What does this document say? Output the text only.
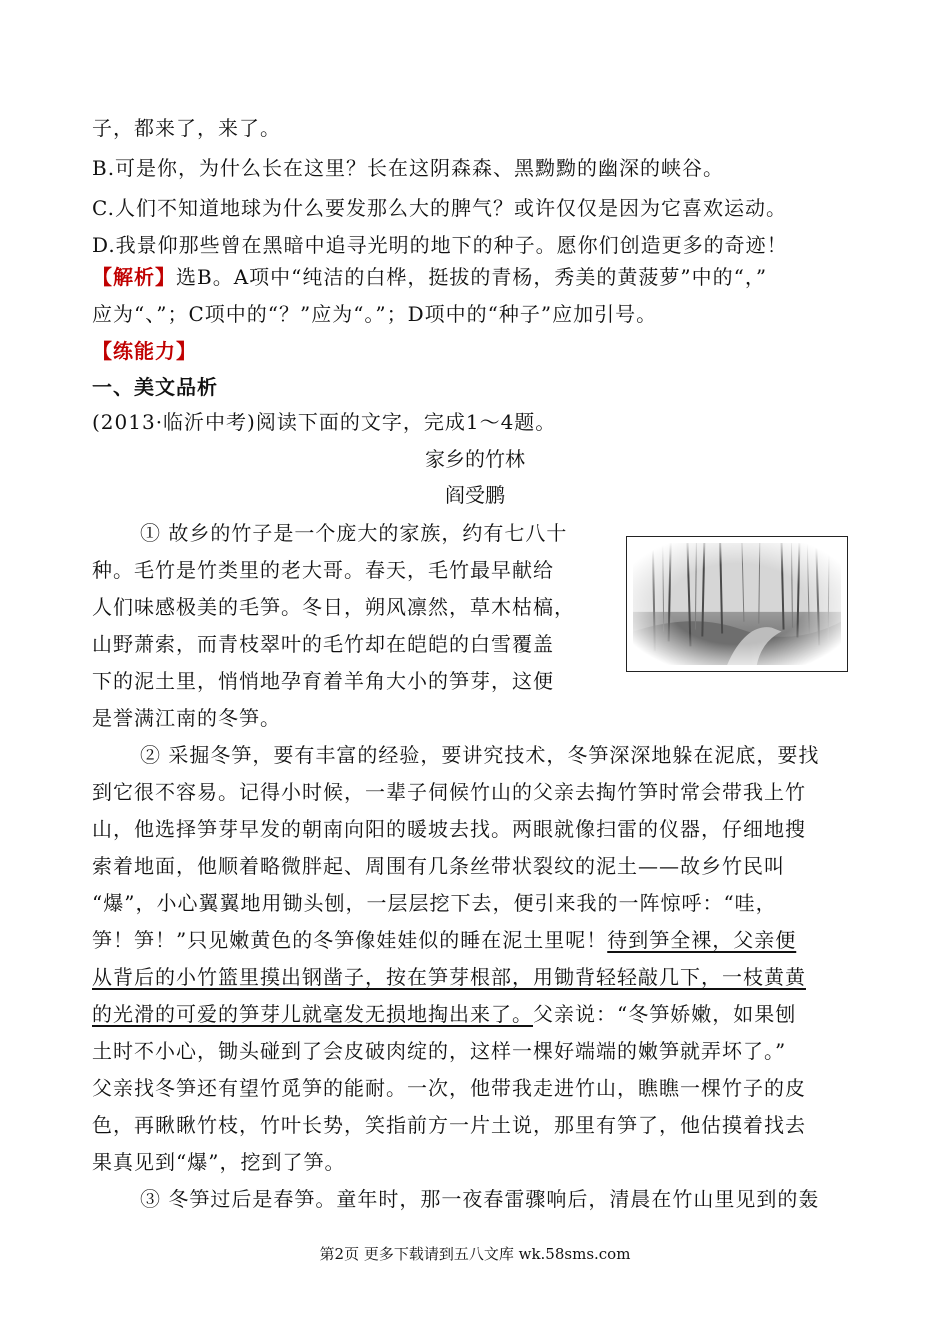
子，都来了，来了。
B.可是你，为什么长在这里？长在这阴森森、黑黝黝的幽深的峡谷。
C.人们不知道地球为什么要发那么大的脾气？或许仅仅是因为它喜欢运动。
D.我景仰那些曾在黑暗中追寻光明的地下的种子。愿你们创造更多的奇迹！
【解析】选B。A项中“纯洁的白桦，挺拔的青杨，秀美的黄菠萝”中的“，”
应为“、”；C项中的“？”应为“。”；D项中的“种子”应加引号。
【练能力】
一、美文品析
(2013·临沂中考)阅读下面的文字，完成1～4题。
家乡的竹林
阎受鹏
① 故乡的竹子是一个庞大的家族，约有七八十
种。毛竹是竹类里的老大哥。春天，毛竹最早献给
人们味感极美的毛笋。冬日，朔风凛然，草木枯槁，
山野萧索，而青枝翠叶的毛竹却在皑皑的白雪覆盖
下的泥土里，悄悄地孕育着羊角大小的笋芽，这便
是誉满江南的冬笋。
② 采掘冬笋，要有丰富的经验，要讲究技术，冬笋深深地躲在泥底，要找
到它很不容易。记得小时候，一辈子伺候竹山的父亲去掏竹笋时常会带我上竹
山，他选择笋芽早发的朝南向阳的暖坡去找。两眼就像扫雷的仪器，仔细地搜
索着地面，他顺着略微胖起、周围有几条丝带状裂纹的泥土——故乡竹民叫
“爆”，小心翼翼地用锄头刨，一层层挖下去，便引来我的一阵惊呼：“哇，
笋！笋！”只见嫩黄色的冬笋像娃娃似的睡在泥土里呢！待到笋全裸，父亲便
从背后的小竹篮里摸出钢凿子，按在笋芽根部，用锄背轻轻敲几下，一枝黄黄
的光滑的可爱的笋芽儿就毫发无损地掏出来了。父亲说：“冬笋娇嫩，如果刨
土时不小心，锄头碰到了会皮破肉绽的，这样一棵好端端的嫩笋就弄坏了。”
父亲找冬笋还有望竹觅笋的能耐。一次，他带我走进竹山，瞧瞧一棵竹子的皮
色，再瞅瞅竹枝，竹叶长势，笑指前方一片土说，那里有笋了，他估摸着找去
果真见到“爆”，挖到了笋。
③ 冬笋过后是春笋。童年时，那一夜春雷骤响后，清晨在竹山里见到的轰
第2页 更多下载请到五八文库 wk.58sms.com
